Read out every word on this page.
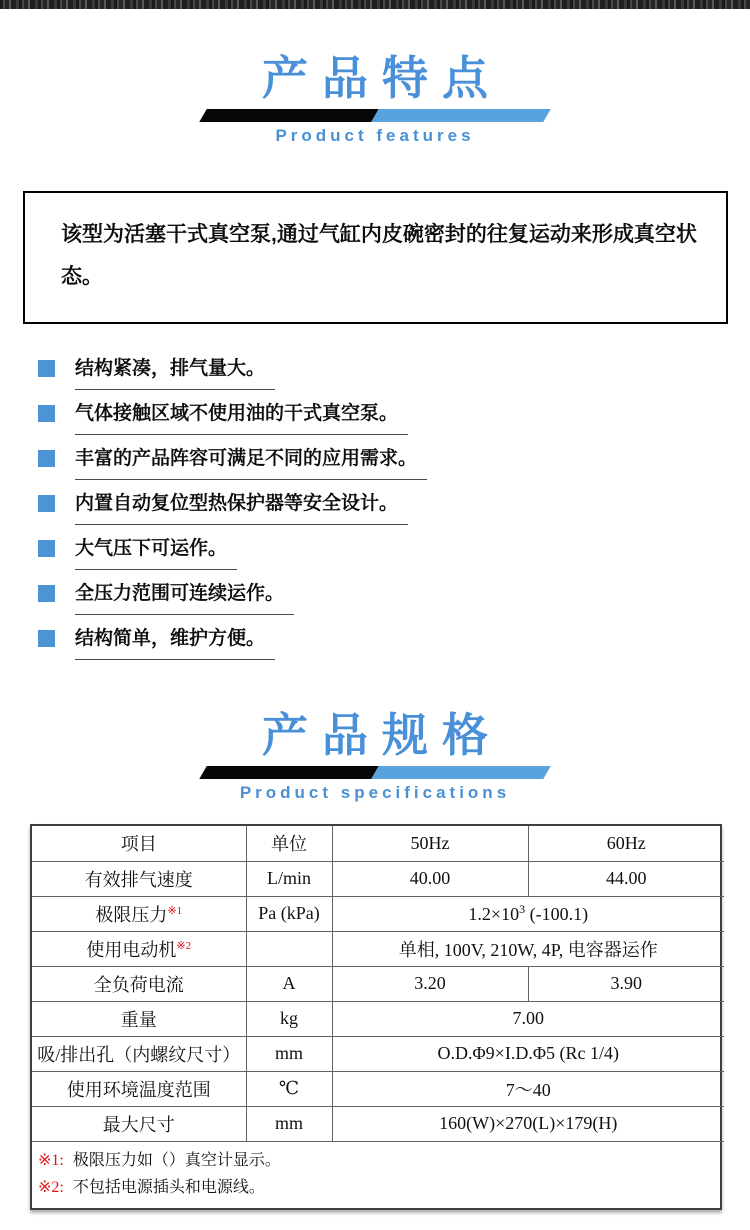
产品特点
Product features
该型为活塞干式真空泵,通过气缸内皮碗密封的往复运动来形成真空状态。
结构紧凑，排气量大。
气体接触区域不使用油的干式真空泵。
丰富的产品阵容可满足不同的应用需求。
内置自动复位型热保护器等安全设计。
大气压下可运作。
全压力范围可连续运作。
结构简单，维护方便。
产品规格
Product specifications
项目	单位	50Hz	60Hz
有效排气速度	L/min	40.00	44.00
极限压力$^{※1}$	Pa (kPa)	$1.2\times 10^3$ (-100.1)	
使用电动机$^{※2}$		单相, 100V, 210W, 4P, 电容器运作	
全负荷电流	A	3.20	3.90
重量	kg	7.00	
吸/排出孔（内螺纹尺寸）	mm	O.D.Φ9×I.D.Φ5 (Rc 1/4)	
使用环境温度范围	℃	7～40	
最大尺寸	mm	160(W)×270(L)×179(H)	
※1: 极限压力如（）真空计显示。
※2: 不包括电源插头和电源线。
